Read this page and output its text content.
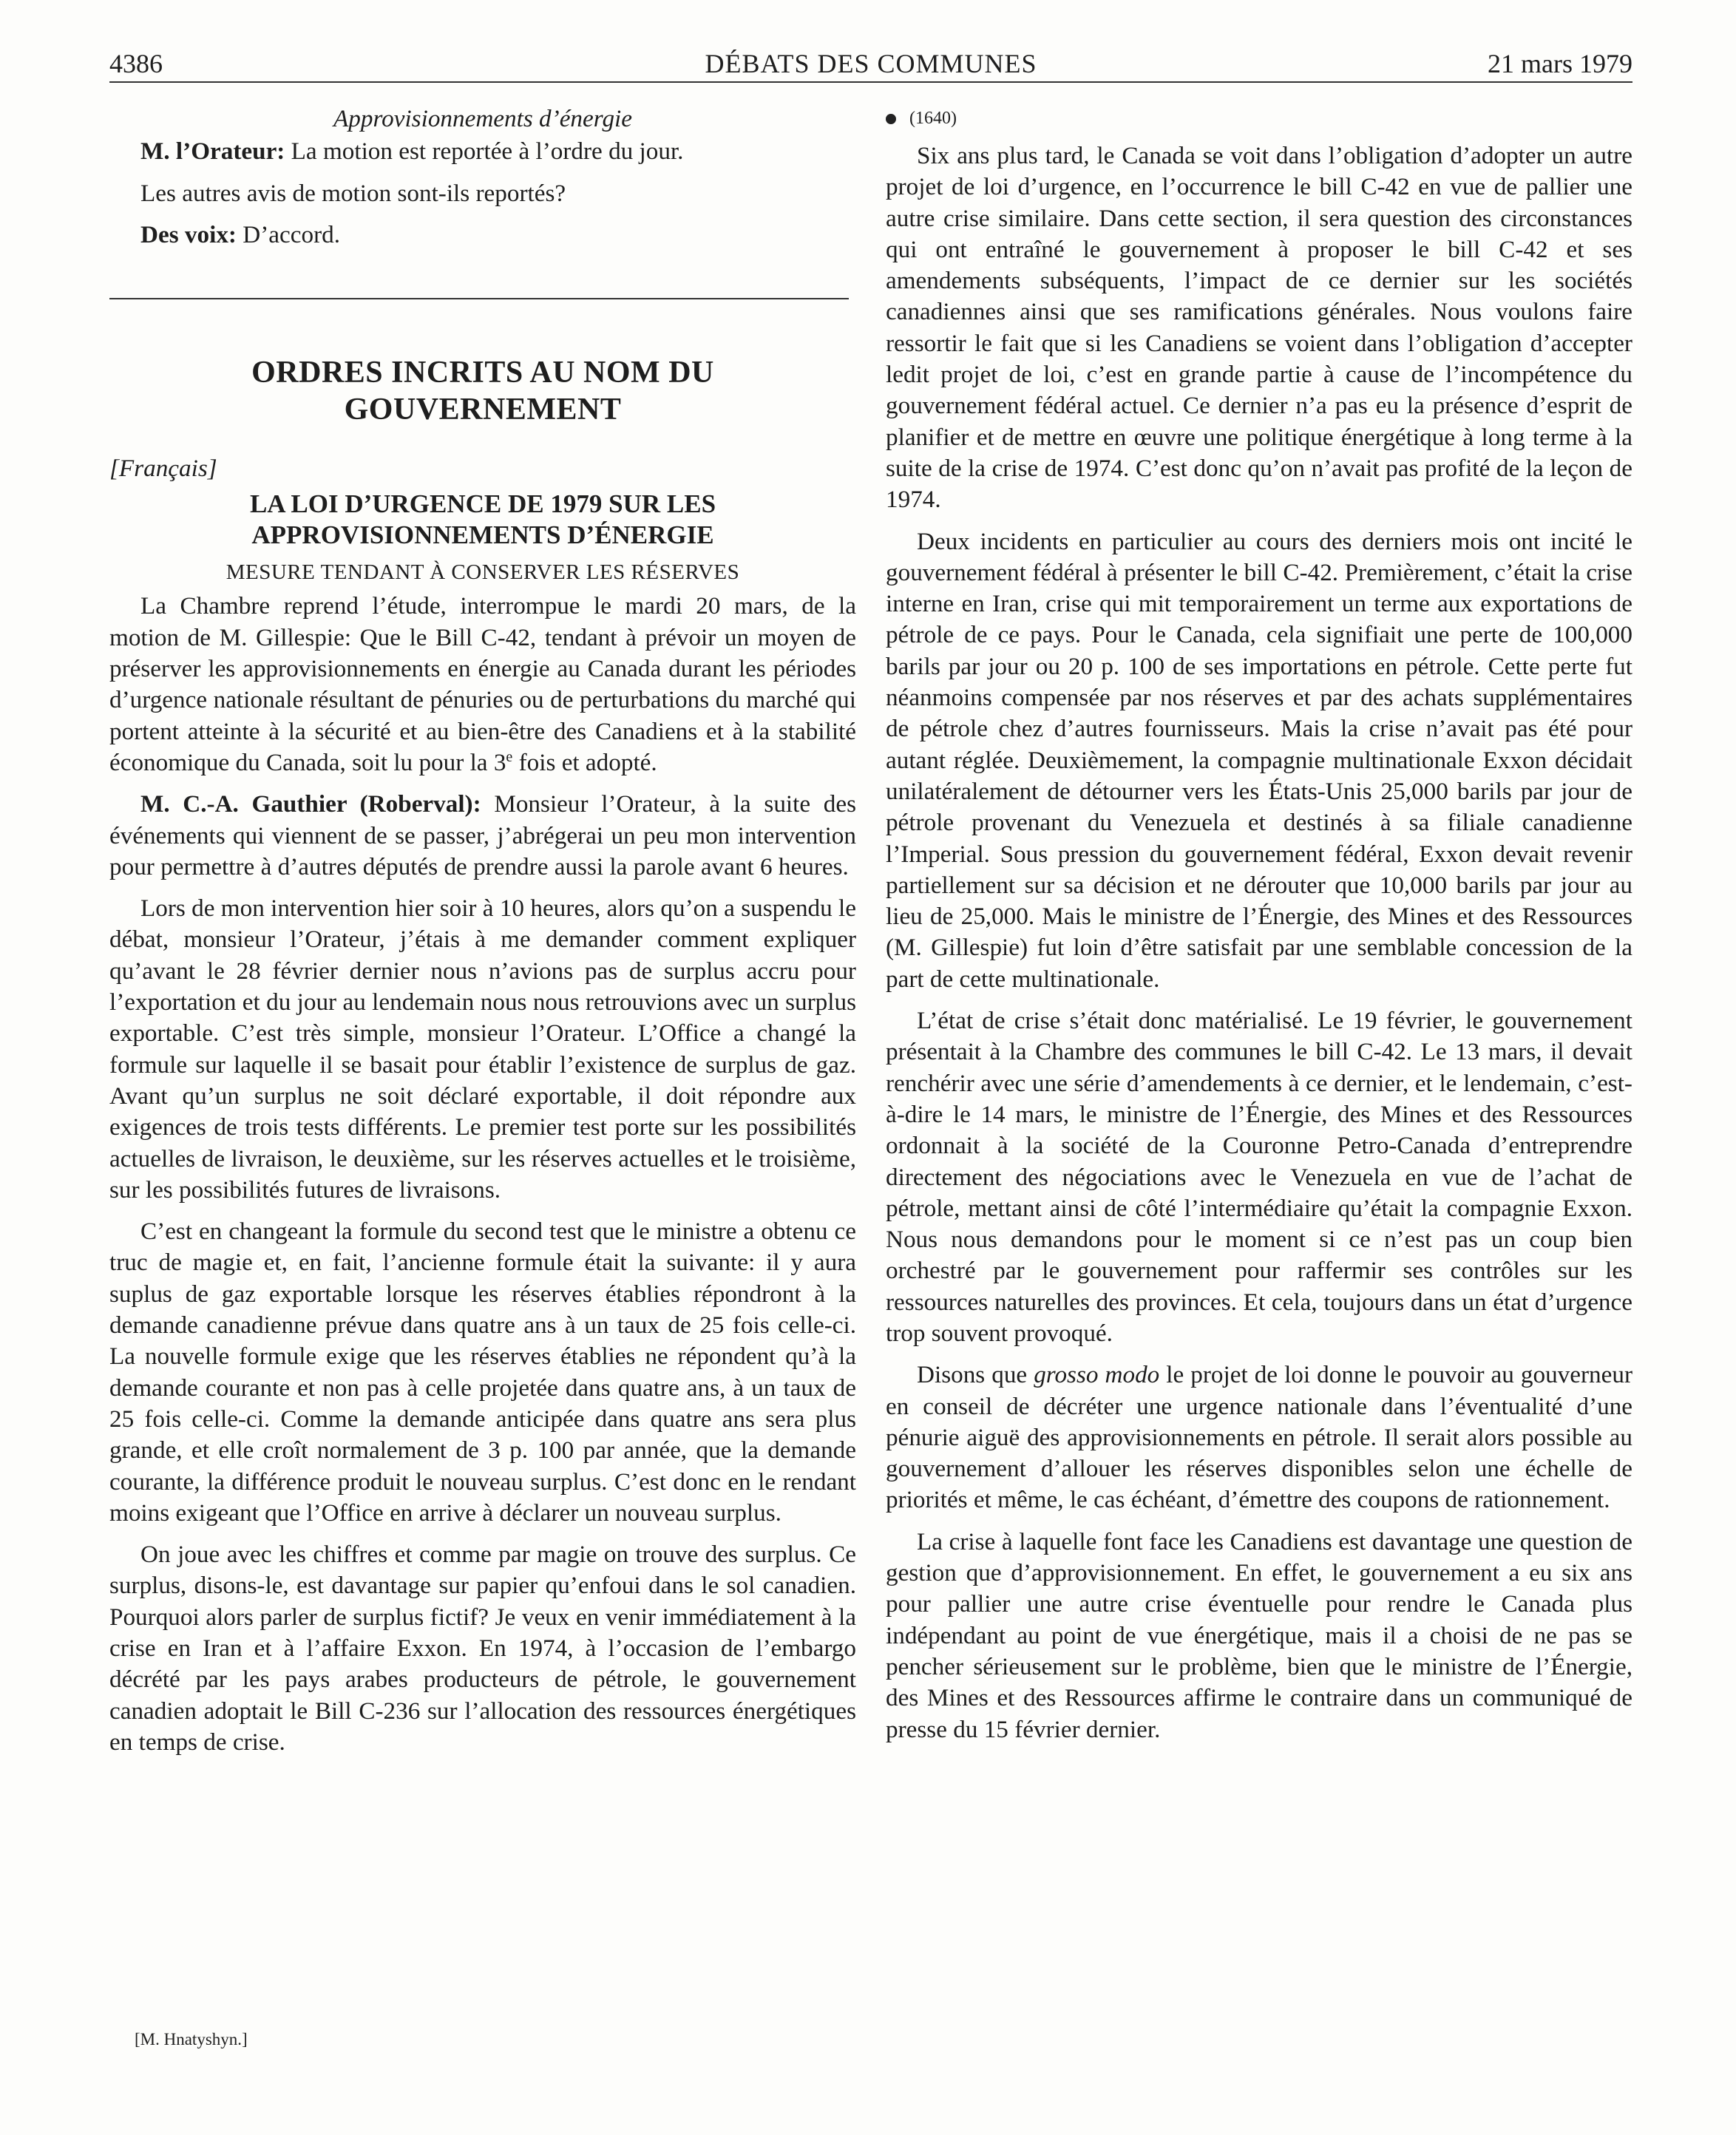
4386	DÉBATS DES COMMUNES	21 mars 1979
Approvisionnements d’énergie

M. l’Orateur: La motion est reportée à l’ordre du jour.

Les autres avis de motion sont-ils reportés?

Des voix: D’accord.

ORDRES INCRITS AU NOM DU GOUVERNEMENT
[Français]
LA LOI D’URGENCE DE 1979 SUR LES APPROVISIONNEMENTS D’ÉNERGIE
MESURE TENDANT À CONSERVER LES RÉSERVES

La Chambre reprend l’étude, interrompue le mardi 20 mars, de la motion de M. Gillespie: Que le Bill C-42, tendant à prévoir un moyen de préserver les approvisionnements en énergie au Canada durant les périodes d’urgence nationale résultant de pénuries ou de perturbations du marché qui portent atteinte à la sécurité et au bien-être des Canadiens et à la stabilité économique du Canada, soit lu pour la 3e fois et adopté.

M. C.-A. Gauthier (Roberval): Monsieur l’Orateur, à la suite des événements qui viennent de se passer, j’abrégerai un peu mon intervention pour permettre à d’autres députés de prendre aussi la parole avant 6 heures.

Lors de mon intervention hier soir à 10 heures, alors qu’on a suspendu le débat, monsieur l’Orateur, j’étais à me demander comment expliquer qu’avant le 28 février dernier nous n’avions pas de surplus accru pour l’exportation et du jour au lendemain nous nous retrouvions avec un surplus exportable. C’est très simple, monsieur l’Orateur. L’Office a changé la formule sur laquelle il se basait pour établir l’existence de surplus de gaz. Avant qu’un surplus ne soit déclaré exportable, il doit répondre aux exigences de trois tests différents. Le premier test porte sur les possibilités actuelles de livraison, le deuxième, sur les réserves actuelles et le troisième, sur les possibilités futures de livraisons.

C’est en changeant la formule du second test que le ministre a obtenu ce truc de magie et, en fait, l’ancienne formule était la suivante: il y aura suplus de gaz exportable lorsque les réserves établies répondront à la demande canadienne prévue dans quatre ans à un taux de 25 fois celle-ci. La nouvelle formule exige que les réserves établies ne répondent qu’à la demande courante et non pas à celle projetée dans quatre ans, à un taux de 25 fois celle-ci. Comme la demande anticipée dans quatre ans sera plus grande, et elle croît normalement de 3 p. 100 par année, que la demande courante, la différence produit le nouveau surplus. C’est donc en le rendant moins exigeant que l’Office en arrive à déclarer un nouveau surplus.

On joue avec les chiffres et comme par magie on trouve des surplus. Ce surplus, disons-le, est davantage sur papier qu’enfoui dans le sol canadien. Pourquoi alors parler de surplus fictif? Je veux en venir immédiatement à la crise en Iran et à l’affaire Exxon. En 1974, à l’occasion de l’embargo décrété par les pays arabes producteurs de pétrole, le gouvernement canadien adoptait le Bill C-236 sur l’allocation des ressources énergétiques en temps de crise.

[M. Hnatyshyn.]
(1640)

Six ans plus tard, le Canada se voit dans l’obligation d’adopter un autre projet de loi d’urgence, en l’occurrence le bill C-42 en vue de pallier une autre crise similaire. Dans cette section, il sera question des circonstances qui ont entraîné le gouvernement à proposer le bill C-42 et ses amendements subséquents, l’impact de ce dernier sur les sociétés canadiennes ainsi que ses ramifications générales. Nous voulons faire ressortir le fait que si les Canadiens se voient dans l’obligation d’accepter ledit projet de loi, c’est en grande partie à cause de l’incompétence du gouvernement fédéral actuel. Ce dernier n’a pas eu la présence d’esprit de planifier et de mettre en œuvre une politique énergétique à long terme à la suite de la crise de 1974. C’est donc qu’on n’avait pas profité de la leçon de 1974.

Deux incidents en particulier au cours des derniers mois ont incité le gouvernement fédéral à présenter le bill C-42. Premièrement, c’était la crise interne en Iran, crise qui mit temporairement un terme aux exportations de pétrole de ce pays. Pour le Canada, cela signifiait une perte de 100,000 barils par jour ou 20 p. 100 de ses importations en pétrole. Cette perte fut néanmoins compensée par nos réserves et par des achats supplémentaires de pétrole chez d’autres fournisseurs. Mais la crise n’avait pas été pour autant réglée. Deuxièmement, la compagnie multinationale Exxon décidait unilatéralement de détourner vers les États-Unis 25,000 barils par jour de pétrole provenant du Venezuela et destinés à sa filiale canadienne l’Imperial. Sous pression du gouvernement fédéral, Exxon devait revenir partiellement sur sa décision et ne dérouter que 10,000 barils par jour au lieu de 25,000. Mais le ministre de l’Énergie, des Mines et des Ressources (M. Gillespie) fut loin d’être satisfait par une semblable concession de la part de cette multinationale.

L’état de crise s’était donc matérialisé. Le 19 février, le gouvernement présentait à la Chambre des communes le bill C-42. Le 13 mars, il devait renchérir avec une série d’amendements à ce dernier, et le lendemain, c’est-à-dire le 14 mars, le ministre de l’Énergie, des Mines et des Ressources ordonnait à la société de la Couronne Petro-Canada d’entreprendre directement des négociations avec le Venezuela en vue de l’achat de pétrole, mettant ainsi de côté l’intermédiaire qu’était la compagnie Exxon. Nous nous demandons pour le moment si ce n’est pas un coup bien orchestré par le gouvernement pour raffermir ses contrôles sur les ressources naturelles des provinces. Et cela, toujours dans un état d’urgence trop souvent provoqué.

Disons que grosso modo le projet de loi donne le pouvoir au gouverneur en conseil de décréter une urgence nationale dans l’éventualité d’une pénurie aiguë des approvisionnements en pétrole. Il serait alors possible au gouvernement d’allouer les réserves disponibles selon une échelle de priorités et même, le cas échéant, d’émettre des coupons de rationnement.

La crise à laquelle font face les Canadiens est davantage une question de gestion que d’approvisionnement. En effet, le gouvernement a eu six ans pour pallier une autre crise éventuelle pour rendre le Canada plus indépendant au point de vue énergétique, mais il a choisi de ne pas se pencher sérieusement sur le problème, bien que le ministre de l’Énergie, des Mines et des Ressources affirme le contraire dans un communiqué de presse du 15 février dernier.
